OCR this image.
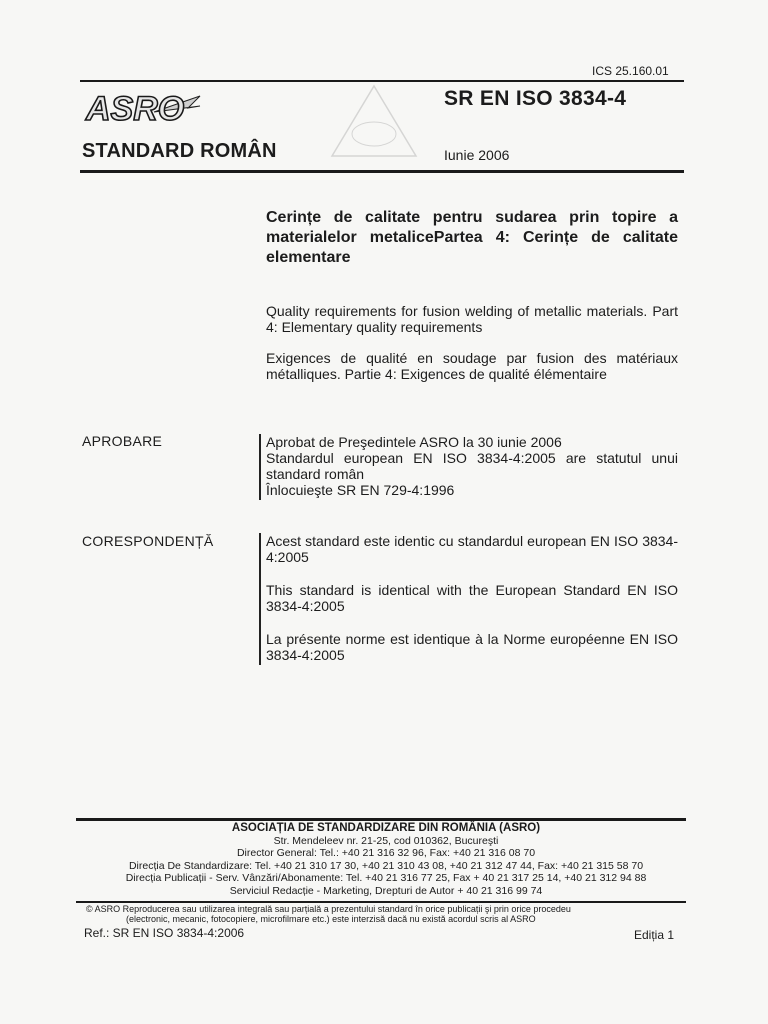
ICS 25.160.01
ASRO	SR EN ISO 3834-4
STANDARD ROMÂN	Iunie 2006
Cerințe de calitate pentru sudarea prin topire a materialelor metalicePartea 4: Cerințe de calitate elementare
Quality requirements for fusion welding of metallic materials. Part 4: Elementary quality requirements
Exigences de qualité en soudage par fusion des matériaux métalliques. Partie 4: Exigences de qualité élémentaire
APROBARE	Aprobat de Preşedintele ASRO la 30 iunie 2006
Standardul european EN ISO 3834-4:2005 are statutul unui standard român
Înlocuieşte SR EN 729-4:1996
CORESPONDENȚĂ	Acest standard este identic cu standardul european EN ISO 3834-4:2005
This standard is identical with the European Standard EN ISO 3834-4:2005
La présente norme est identique à la Norme européenne EN ISO 3834-4:2005
ASOCIAȚIA DE STANDARDIZARE DIN ROMÂNIA (ASRO)
Str. Mendeleev nr. 21-25, cod 010362, Bucureşti
Director General: Tel.: +40 21 316 32 96, Fax: +40 21 316 08 70
Direcția De Standardizare: Tel. +40 21 310 17 30, +40 21 310 43 08, +40 21 312 47 44, Fax: +40 21 315 58 70
Direcția Publicații - Serv. Vânzări/Abonamente: Tel. +40 21 316 77 25, Fax + 40 21 317 25 14, +40 21 312 94 88
Serviciul Redacție - Marketing, Drepturi de Autor + 40 21 316 99 74
© ASRO Reproducerea sau utilizarea integrală sau parțială a prezentului standard în orice publicații şi prin orice procedeu
(electronic, mecanic, fotocopiere, microfilmare etc.) este interzisă dacă nu există acordul scris al ASRO
Ref.: SR EN ISO 3834-4:2006	Ediția 1
